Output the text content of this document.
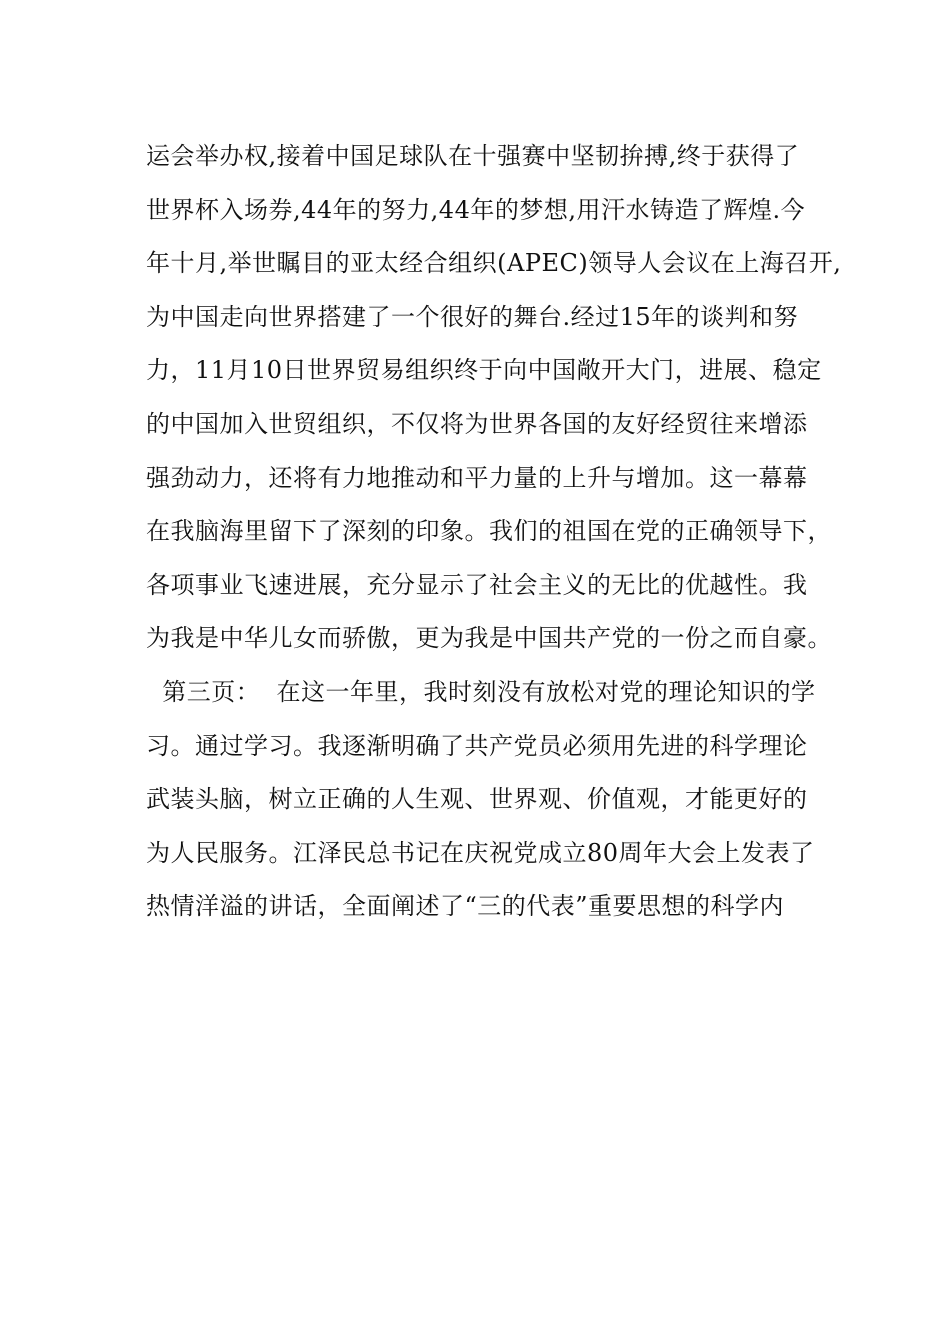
运会举办权,接着中国足球队在十强赛中坚韧拚搏,终于获得了
世界杯入场券,44年的努力,44年的梦想,用汗水铸造了辉煌.今
年十月,举世瞩目的亚太经合组织(APEC)领导人会议在上海召开,
为中国走向世界搭建了一个很好的舞台.经过15年的谈判和努
力，11月10日世界贸易组织终于向中国敞开大门，进展、稳定
的中国加入世贸组织，不仅将为世界各国的友好经贸往来增添
强劲动力，还将有力地推动和平力量的上升与增加。这一幕幕
在我脑海里留下了深刻的印象。我们的祖国在党的正确领导下，
各项事业飞速进展，充分显示了社会主义的无比的优越性。我
为我是中华儿女而骄傲，更为我是中国共产党的一份之而自豪。
第三页：  在这一年里，我时刻没有放松对党的理论知识的学
习。通过学习。我逐渐明确了共产党员必须用先进的科学理论
武装头脑，树立正确的人生观、世界观、价值观，才能更好的
为人民服务。江泽民总书记在庆祝党成立80周年大会上发表了
热情洋溢的讲话，全面阐述了“三的代表”重要思想的科学内
